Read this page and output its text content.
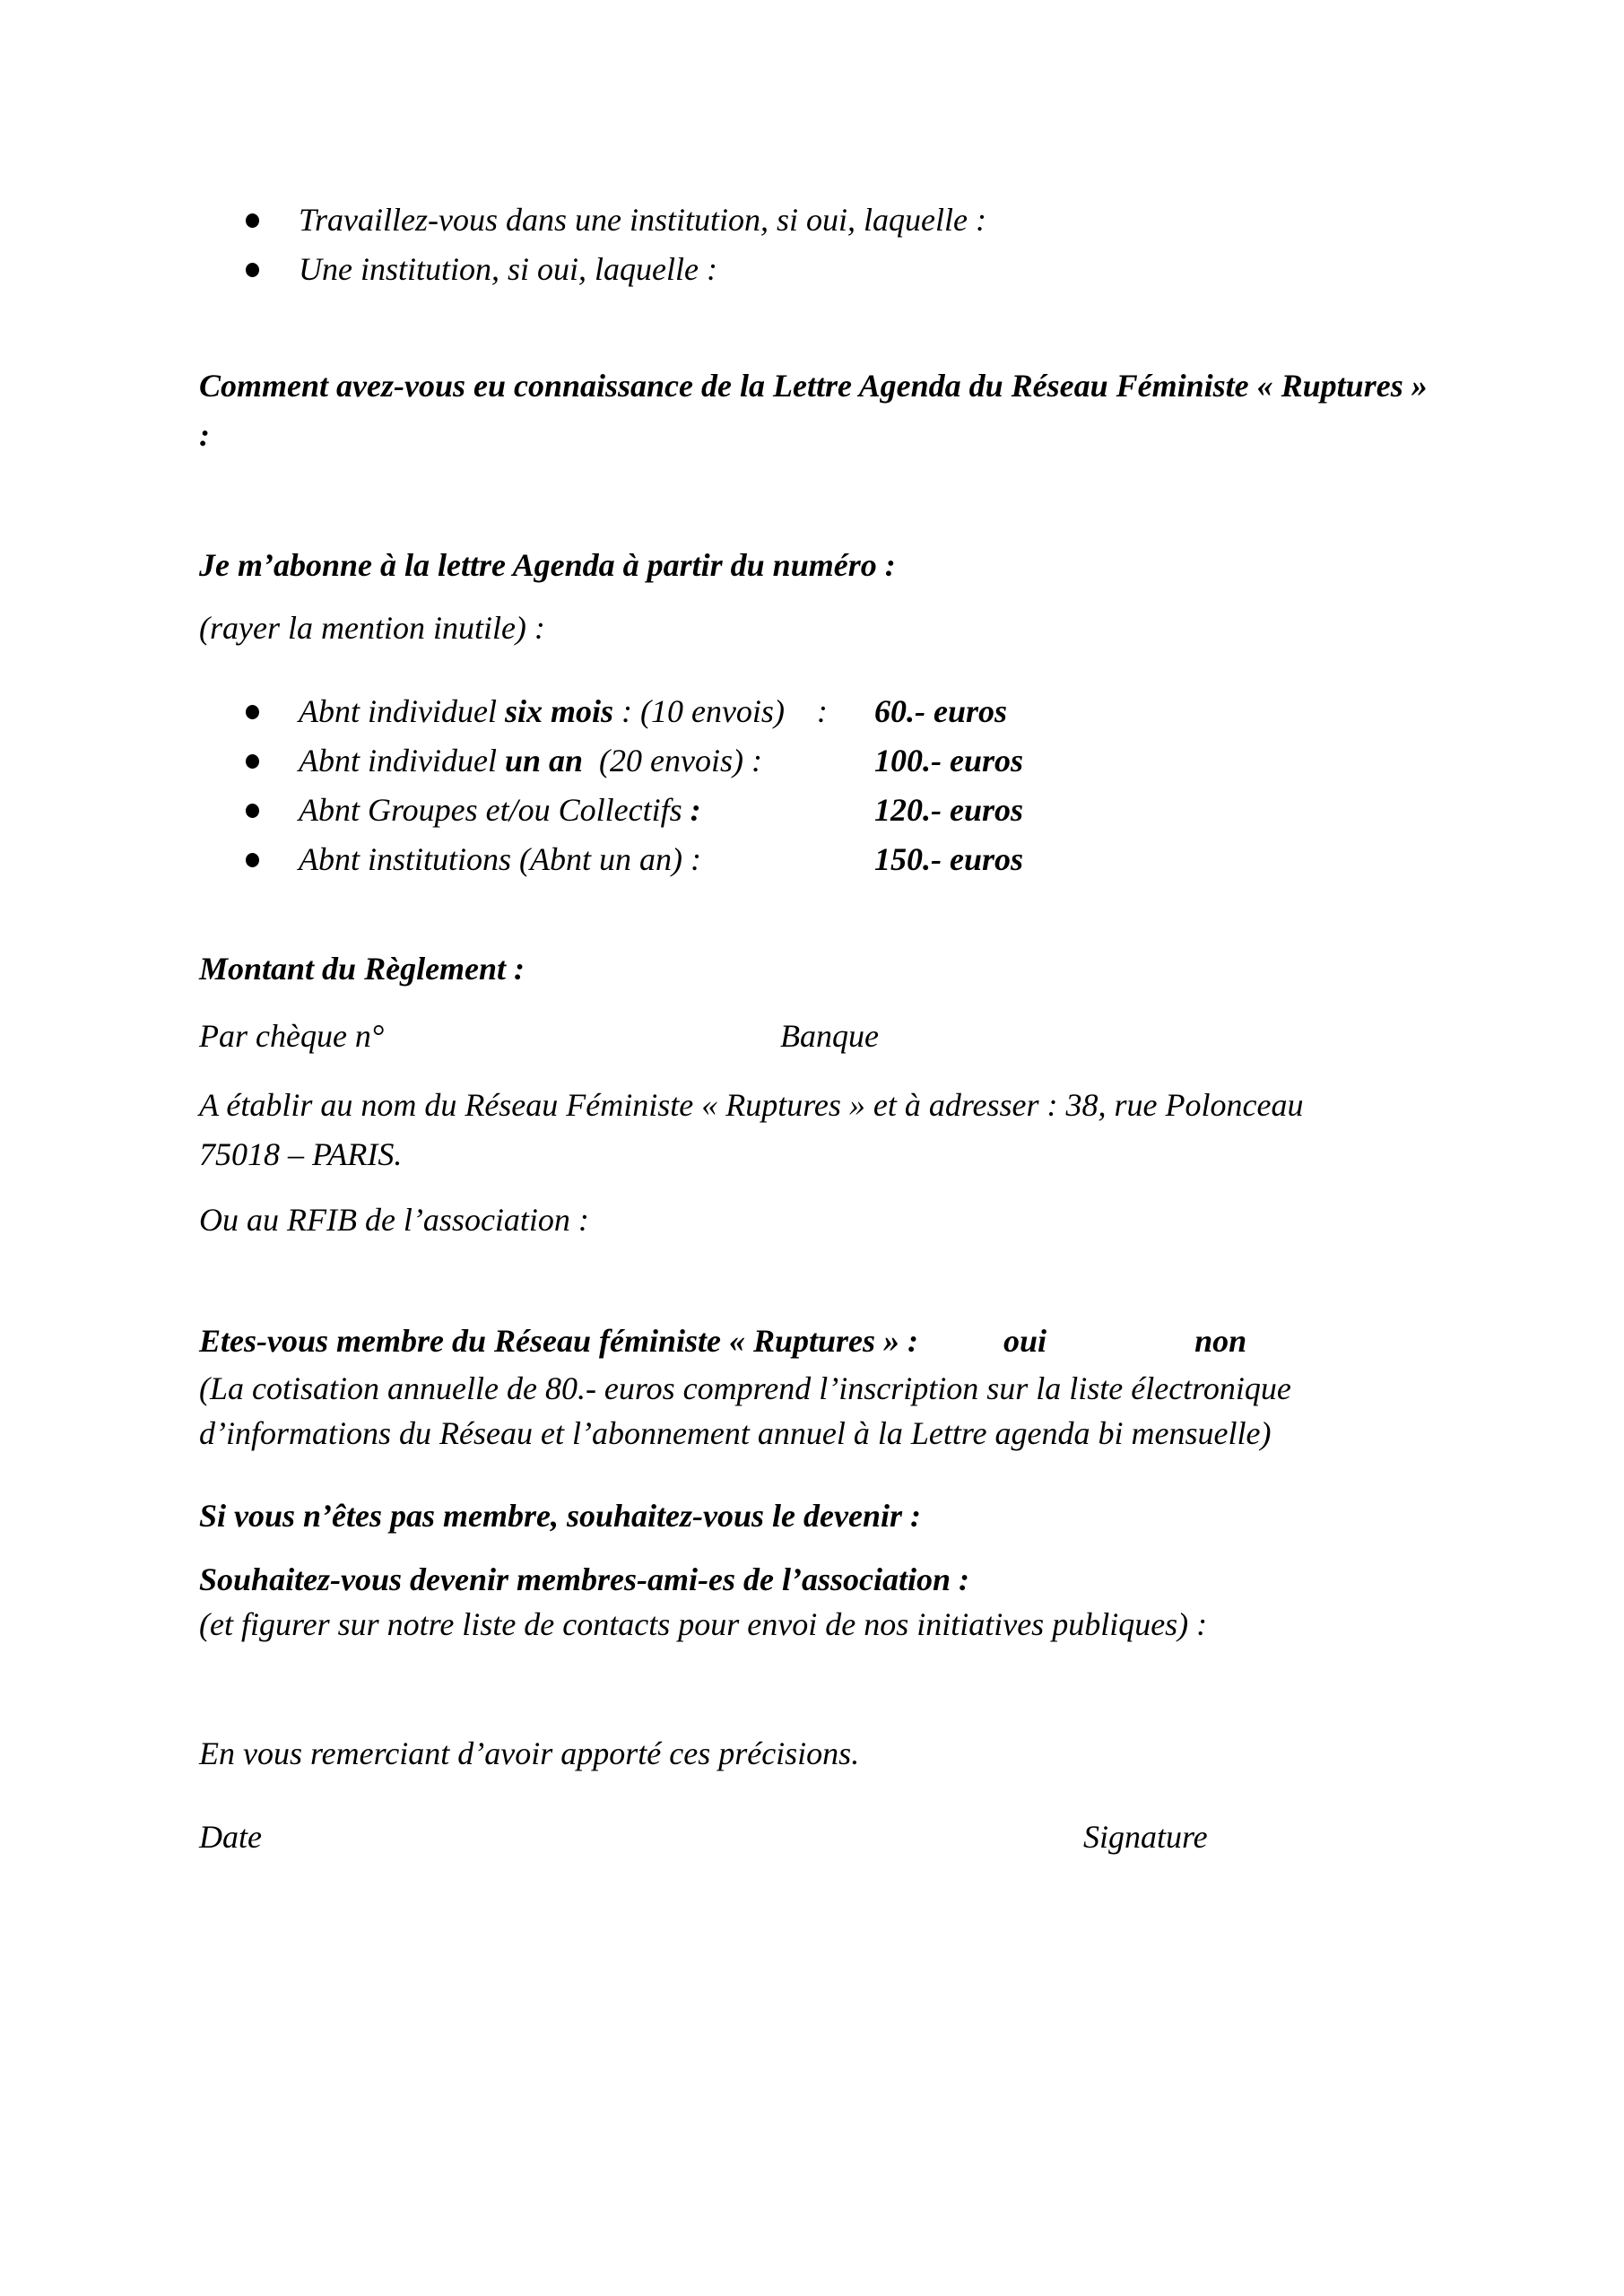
Travaillez-vous dans une institution, si oui, laquelle :
Une institution, si oui, laquelle :
Comment avez-vous eu connaissance de la Lettre Agenda du Réseau Féministe « Ruptures »
:
Je m’abonne à la lettre Agenda à partir du numéro :
(rayer la mention inutile) :
Abnt individuel six mois : (10 envois)    :	60.- euros
Abnt individuel un an  (20 envois) :	100.- euros
Abnt Groupes et/ou Collectifs :	120.- euros
Abnt institutions (Abnt un an) :	150.- euros
Montant du Règlement :
Par chèque n°	Banque
A établir au nom du Réseau Féministe « Ruptures » et à adresser : 38, rue Polonceau
75018 – PARIS.
Ou au RFIB de l’association :
Etes-vous membre du Réseau féministe « Ruptures » :	oui	non
(La cotisation annuelle de 80.- euros comprend l’inscription sur la liste électronique
d’informations du Réseau et l’abonnement annuel à la Lettre agenda bi mensuelle)
Si vous n’êtes pas membre, souhaitez-vous le devenir :
Souhaitez-vous devenir membres-ami-es de l’association :
(et figurer sur notre liste de contacts pour envoi de nos initiatives publiques) :
En vous remerciant d’avoir apporté ces précisions.
Date	Signature
